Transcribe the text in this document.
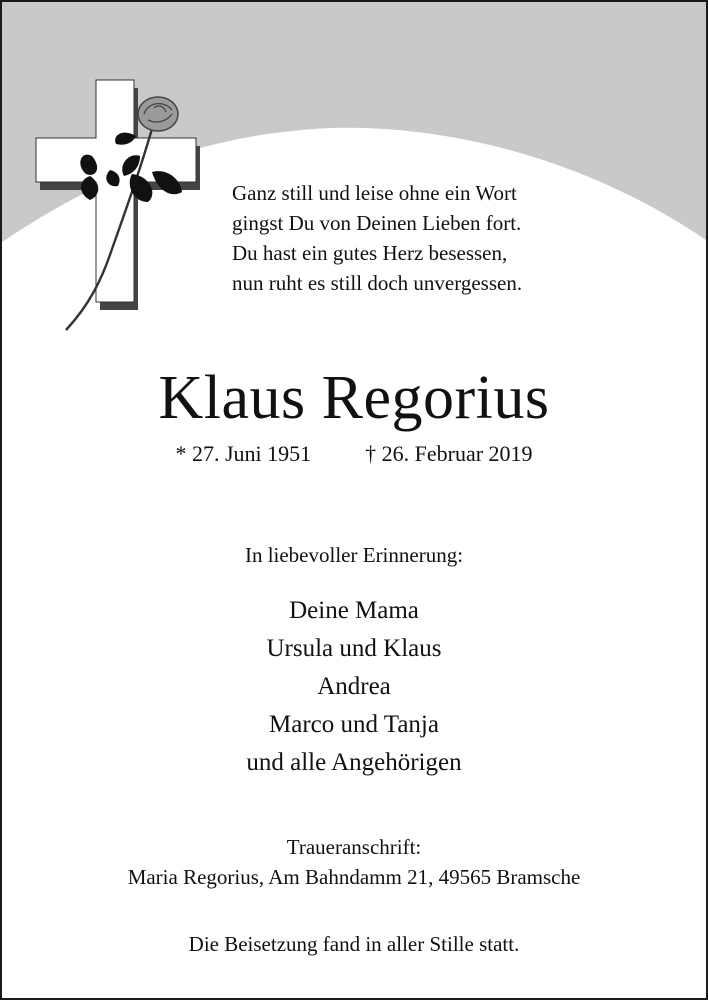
Ganz still und leise ohne ein Wort
gingst Du von Deinen Lieben fort.
Du hast ein gutes Herz besessen,
nun ruht es still doch unvergessen.
Klaus Regorius
* 27. Juni 1951 † 26. Februar 2019
In liebevoller Erinnerung:
Deine Mama
Ursula und Klaus
Andrea
Marco und Tanja
und alle Angehörigen
Traueranschrift:
Maria Regorius, Am Bahndamm 21, 49565 Bramsche
Die Beisetzung fand in aller Stille statt.
